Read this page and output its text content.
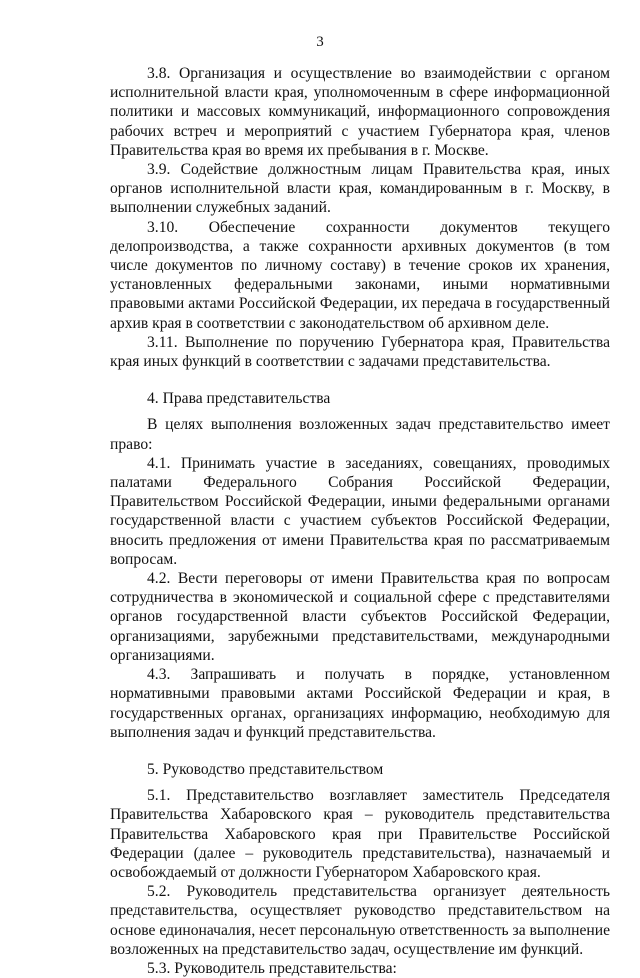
3

3.8. Организация и осуществление во взаимодействии с органом исполнительной власти края, уполномоченным в сфере информационной политики и массовых коммуникаций, информационного сопровождения рабочих встреч и мероприятий с участием Губернатора края, членов Правительства края во время их пребывания в г. Москве.

3.9. Содействие должностным лицам Правительства края, иных органов исполнительной власти края, командированным в г. Москву, в выполнении служебных заданий.

3.10. Обеспечение сохранности документов текущего делопроизводства, а также сохранности архивных документов (в том числе документов по личному составу) в течение сроков их хранения, установленных федеральными законами, иными нормативными правовыми актами Российской Федерации, их передача в государственный архив края в соответствии с законодательством об архивном деле.

3.11. Выполнение по поручению Губернатора края, Правительства края иных функций в соответствии с задачами представительства.

4. Права представительства

В целях выполнения возложенных задач представительство имеет право:

4.1. Принимать участие в заседаниях, совещаниях, проводимых палатами Федерального Собрания Российской Федерации, Правительством Российской Федерации, иными федеральными органами государственной власти с участием субъектов Российской Федерации, вносить предложения от имени Правительства края по рассматриваемым вопросам.

4.2. Вести переговоры от имени Правительства края по вопросам сотрудничества в экономической и социальной сфере с представителями органов государственной власти субъектов Российской Федерации, организациями, зарубежными представительствами, международными организациями.

4.3. Запрашивать и получать в порядке, установленном нормативными правовыми актами Российской Федерации и края, в государственных органах, организациях информацию, необходимую для выполнения задач и функций представительства.

5. Руководство представительством

5.1. Представительство возглавляет заместитель Председателя Правительства Хабаровского края – руководитель представительства Правительства Хабаровского края при Правительстве Российской Федерации (далее – руководитель представительства), назначаемый и освобождаемый от должности Губернатором Хабаровского края.

5.2. Руководитель представительства организует деятельность представительства, осуществляет руководство представительством на основе единоначалия, несет персональную ответственность за выполнение возложенных на представительство задач, осуществление им функций.

5.3. Руководитель представительства:
